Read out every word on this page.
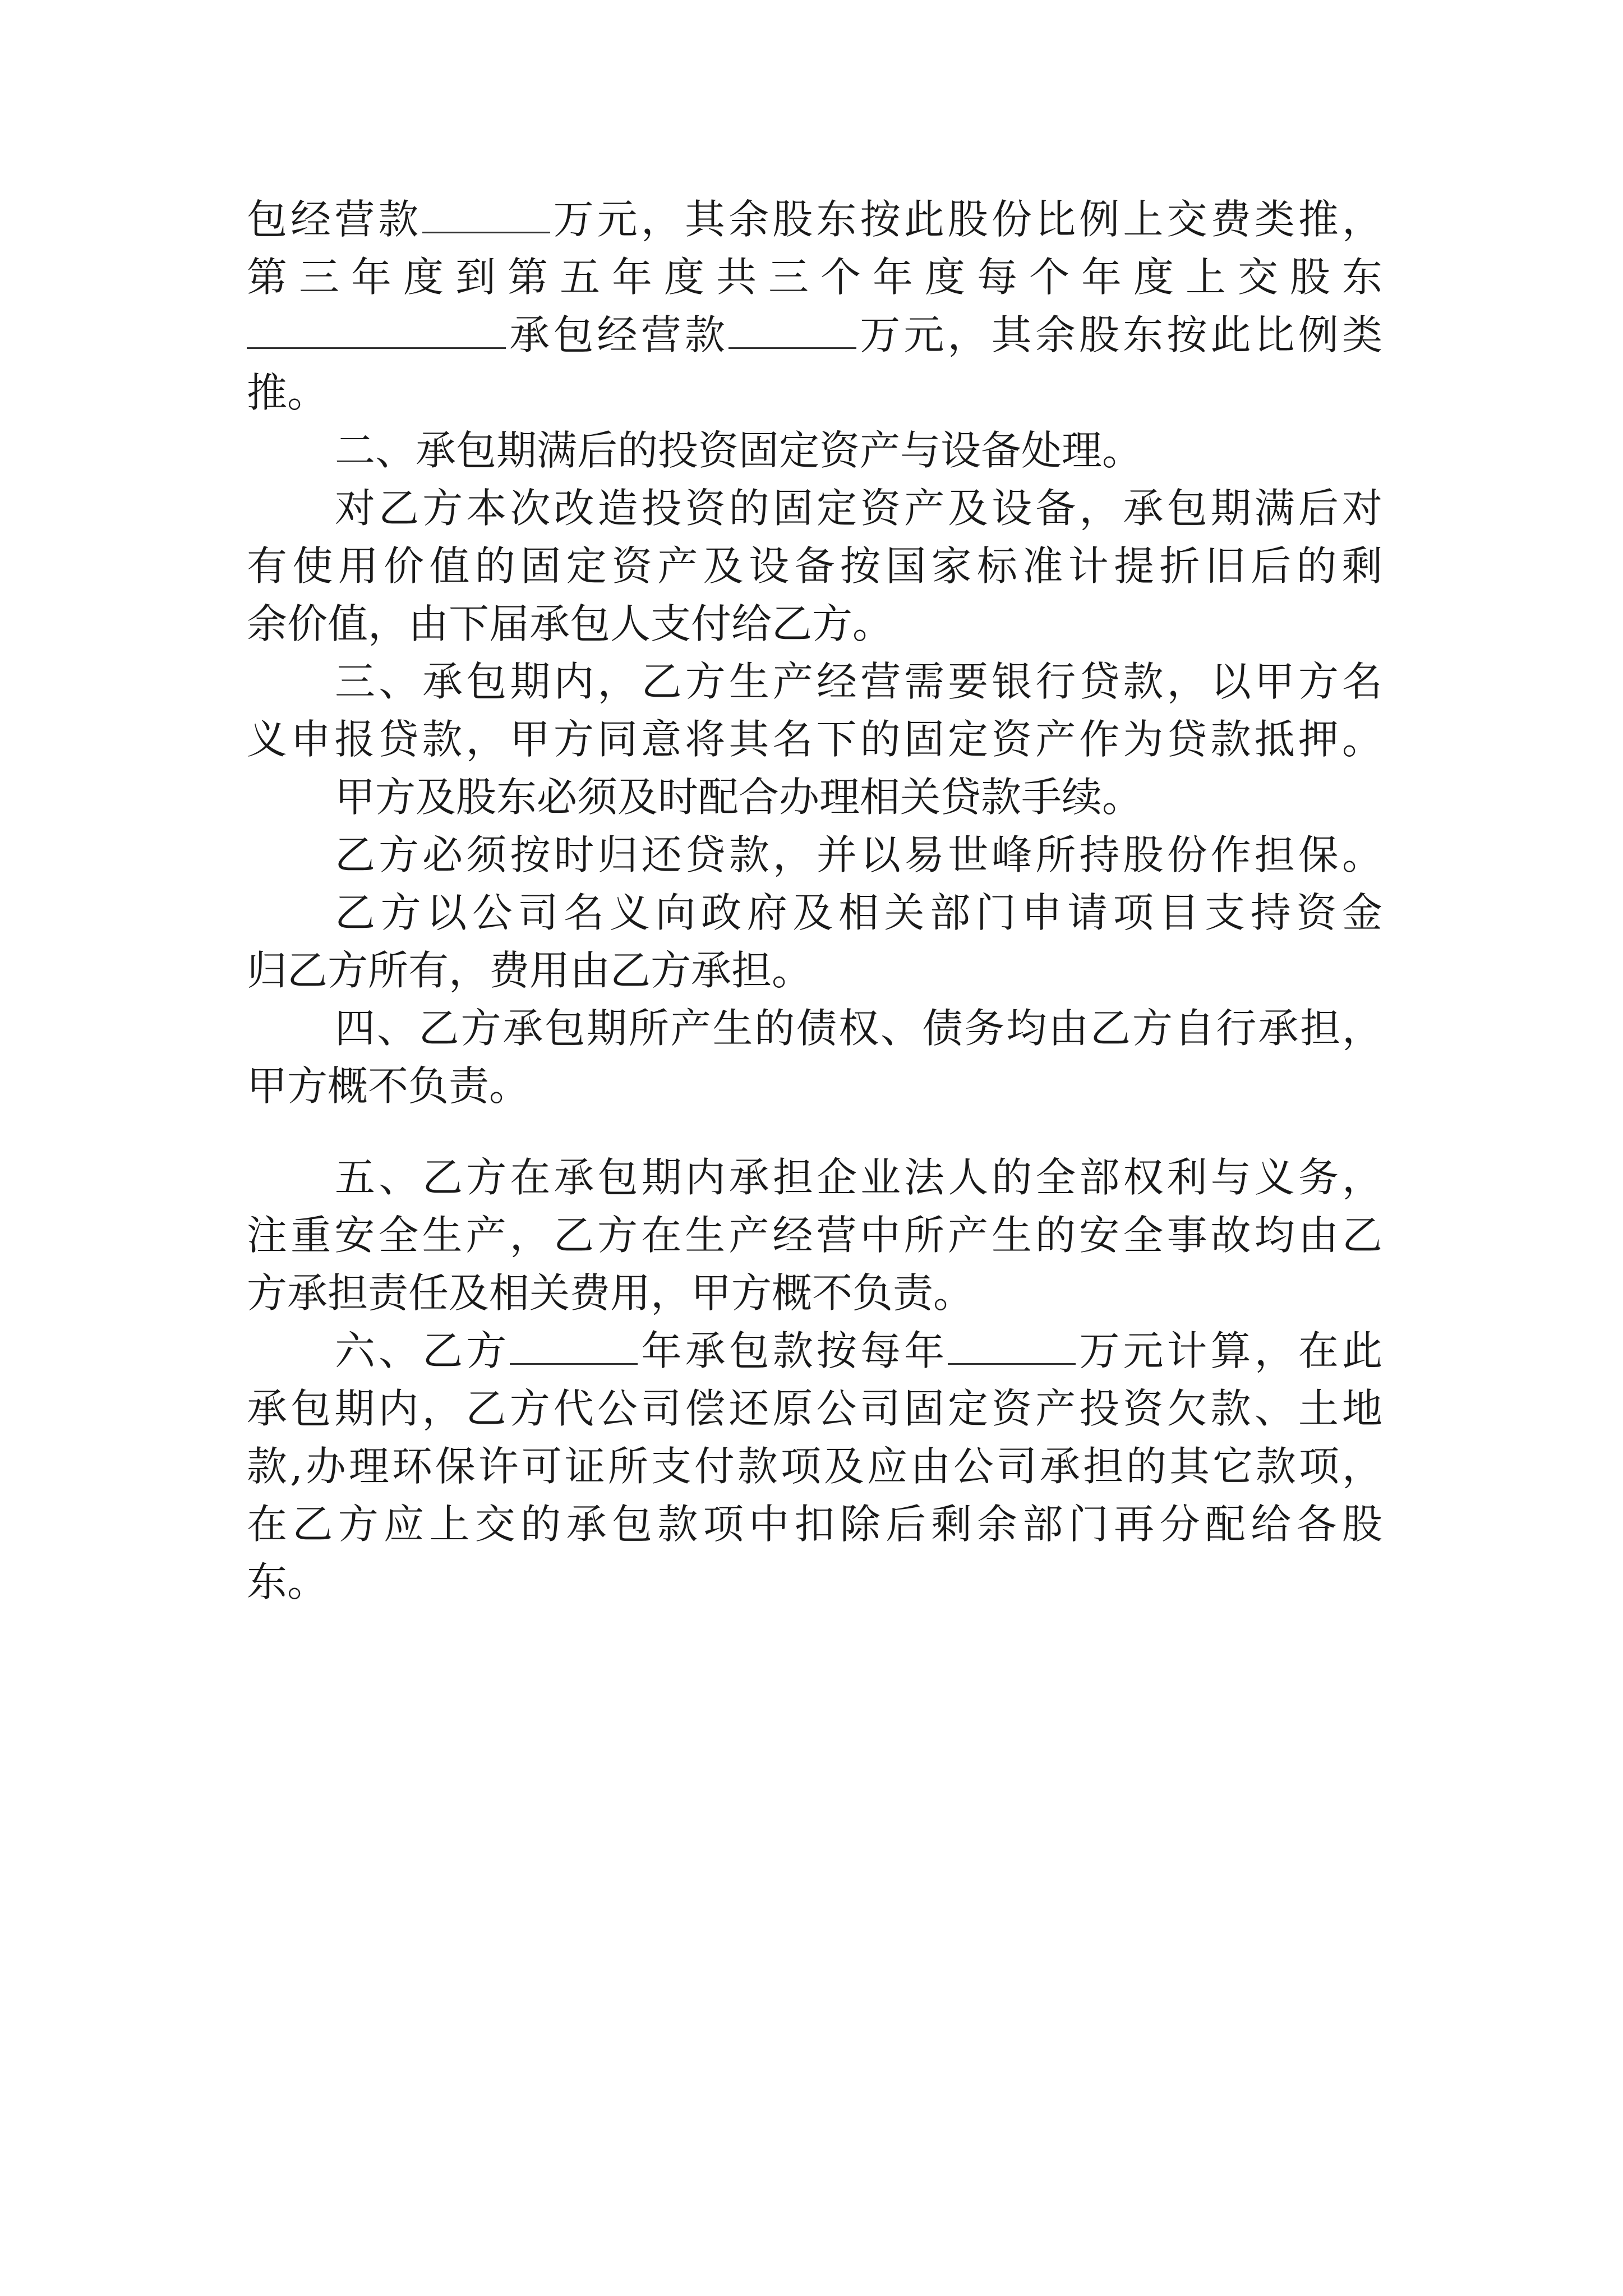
包经营款	万元，其余股东按此股份比例上交费类推，
第三年度到第五年度共三个年度每个年度上交股东
承包经营款	万元，其余股东按此比例类
推。
二、承包期满后的投资固定资产与设备处理。
对乙方本次改造投资的固定资产及设备，承包期满后对
有使用价值的固定资产及设备按国家标准计提折旧后的剩
余价值，由下届承包人支付给乙方。
三、承包期内，乙方生产经营需要银行贷款，以甲方名
义申报贷款，甲方同意将其名下的固定资产作为贷款抵押。
甲方及股东必须及时配合办理相关贷款手续。
乙方必须按时归还贷款，并以易世峰所持股份作担保。
乙方以公司名义向政府及相关部门申请项目支持资金
归乙方所有，费用由乙方承担。
四、乙方承包期所产生的债权、债务均由乙方自行承担，
甲方概不负责。
五、乙方在承包期内承担企业法人的全部权利与义务，
注重安全生产，乙方在生产经营中所产生的安全事故均由乙
方承担责任及相关费用，甲方概不负责。
六、乙方	年承包款按每年	万元计算，在此
承包期内，乙方代公司偿还原公司固定资产投资欠款、土地
款,办理环保许可证所支付款项及应由公司承担的其它款项，
在乙方应上交的承包款项中扣除后剩余部门再分配给各股
东。
